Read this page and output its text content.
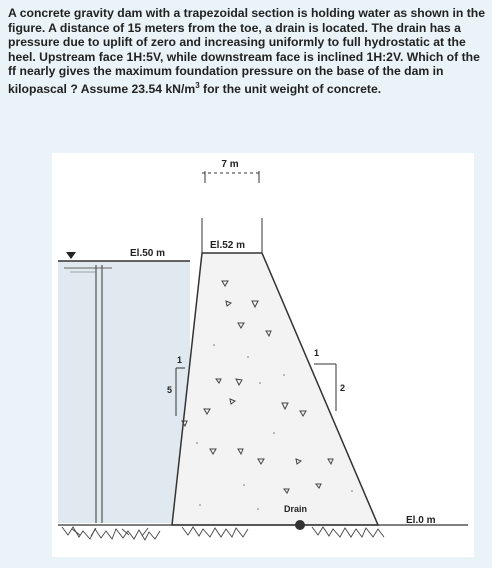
A concrete gravity dam with a trapezoidal section is holding water as shown in the figure. A distance of 15 meters from the toe, a drain is located. The drain has a pressure due to uplift of zero and increasing uniformly to full hydrostatic at the heel. Upstream face 1H:5V, while downstream face is inclined 1H:2V. Which of the ff nearly gives the maximum foundation pressure on the base of the dam in kilopascal ? Assume 23.54 $kN/m^3$ for the unit weight of concrete.
7 m
El.52 m
El.50 m
1
5
1
2
Drain
El.0 m
